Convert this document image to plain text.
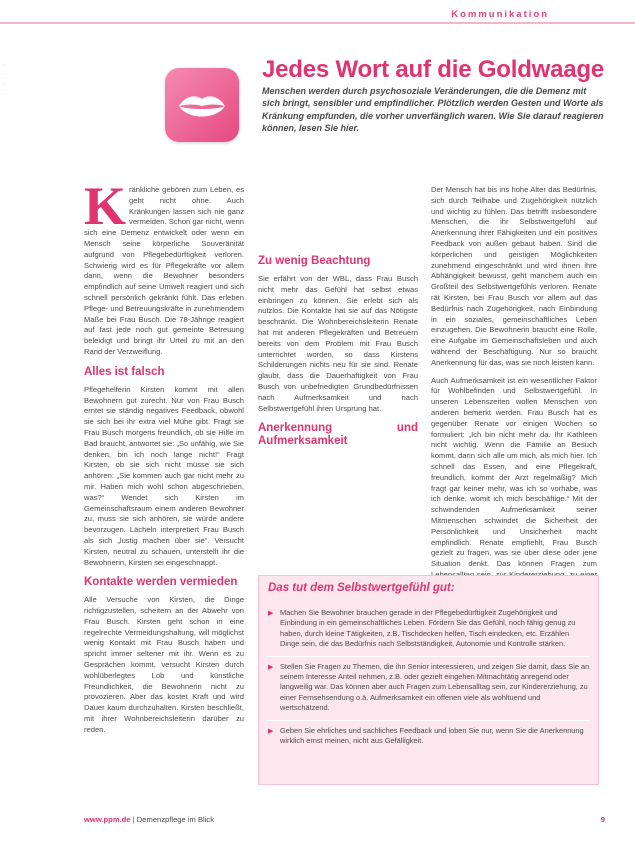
Kommunikation
·
·
·
·
Jedes Wort auf die Goldwaage
Menschen werden durch psychosoziale Veränderungen, die die Demenz mit sich bringt, sensibler und empfindlicher. Plötzlich werden Gesten und Worte als Kränkung empfunden, die vorher unverfänglich waren. Wie Sie darauf reagieren können, lesen Sie hier.

Kränkliche gebören zum Leben, es geht nicht ohne. Auch Kränkungen lassen sich nie ganz vermeiden. Schon gar nicht, wenn sich eine Demenz entwickelt oder wenn ein Mensch seine körperliche Souveränität aufgrund von Pflegebedürftigkeit verloren. Schwierig wird es für Pflegekräfte vor allem dann, wenn die Bewohner besonders empfindlich auf seine Umwelt reagiert und sich schnell persönlich gekränkt fühlt. Das erleben Pflege- und Betreuungskräfte in zunehmendem Maße bei Frau Busch. Die 78-Jährige reagiert auf fast jede noch gut gemeinte Betreuung beleidigt und bringt ihr Urteil zu mit an den Rand der Verzweiflung.

Alles ist falsch

Pflegehelferin Kirsten kommt mit allen Bewohnern gut zurecht. Nur von Frau Busch erntet sie ständig negatives Feedback, obwohl sie sich bei ihr extra viel Mühe gibt. Fragt sie Frau Busch morgens freundlich, ob sie Hilfe im Bad braucht, antwortet sie: „So unfähig, wie Sie denken, bin ich noch lange nicht!“ Fragt Kirsten, ob sie sich nicht müsse sie sich anhören: „Sie kommen auch gar nicht mehr zu mir. Haben mich wohl schon abgeschrieben, was?“ Wendet sich Kirsten im Gemeinschaftsraum einem anderen Bewohner zu, muss sie sich anhören, sie würde andere bevorzugen. Lächeln interpretiert Frau Busch als sich „lustig machen über sie“. Versucht Kirsten, neutral zu schauen, unterstellt ihr die Bewohnerin, Kirsten sei eingeschnappt.

Kontakte werden vermieden

Alle Versuche von Kirsten, die Dinge richtigzustellen, scheitern an der Abwehr von Frau Busch. Kirsten geht schon in eine regelrechte Vermeidungshaltung, will möglichst wenig Kontakt mit Frau Busch haben und spricht immer seltener mit ihr. Wenn es zu Gesprächen kommt, versucht Kirsten durch wohlüberlegtes Lob und künstliche Freundlichkeit, die Bewohnerin nicht zu provozieren. Aber das kostet Kraft und wird Dauer kaum durchzuhalten. Kirsten beschließt, mit ihrer Wohnbereichsleiterin darüber zu reden.

Zu wenig Beachtung

Sie erfährt von der WBL, dass Frau Busch nicht mehr das Gefühl hat selbst etwas einbringen zu können. Sie erlebt sich als nutzlos. Die Kontakte hat sie auf das Nötigste beschränkt. Die Wohnbereichsleiterin Renate hat mit anderen Pflegekräften und Betreuern bereits von dem Problem mit Frau Busch unterrichtet worden, so dass Kirstens Schilderungen nichts neu für sie sind. Renate glaubt, dass die Dauerhaftigkeit von Frau Busch von unbefriedigten Grundbedürfnissen nach Aufmerksamkeit und nach Selbstwertgefühl ihren Ursprung hat.

Anerkennung und Aufmerksamkeit

Der Mensch hat bis ins hohe Alter das Bedürfnis, sich durch Teilhabe und Zugehörigkeit nützlich und wichtig zu fühlen. Das betrifft insbesondere Menschen, die ihr Selbstwertgefühl auf Anerkennung ihrer Fähigkeiten und ein positives Feedback von außen gebaut haben. Sind die körperlichen und geistigen Möglichkeiten zunehmend eingeschränkt und wird ihnen ihre Abhängigkeit bewusst, geht manchem auch ein Großteil des Selbstwertgefühls verloren. Renate rät Kirsten, bei Frau Busch vor allem auf das Bedürfnis nach Zugehörigkeit, nach Einbindung in ein soziales, gemeinschaftliches Leben einzugehen. Die Bewohnerin braucht eine Rolle, eine Aufgabe im Gemeinschaftsleben und auch während der Beschäftigung. Nur so braucht Anerkennung für das, was sie noch leisten kann.

Auch Aufmerksamkeit ist ein wesentlicher Faktor für Wohlbefinden und Selbstwertgefühl. In unseren Lebenszeiten wollen Menschen von anderen bemerkt werden. Frau Busch hat es gegenüber Renate vor einigen Wochen so formuliert: „Ich bin nicht mehr da. Ihr Kathleen nicht wichtig. Wenn die Familie an Besuch kommt, dann sich alle um mich, als mich hier. Ich schnell das Essen, and eine Pflegekraft, freundlich, kommt der Arzt regelmäßig? Mich fragt gar keiner mehr, was ich so vorhabe, was ich denke, womit ich mich beschäftige.“ Mit der schwindenden Aufmerksamkeit seiner Mitmenschen schwindet die Sicherheit der Persönlichkeit und Unsicherheit macht empfindlich. Renate empfiehlt, Frau Busch gezielt zu fragen, was sie über diese oder jene Situation denkt. Das können Fragen zum

Das tut dem Selbstwertgefühl gut:
▶ Machen Sie Bewohner brauchen gerade in der Pflegebedürftigkeit Zugehörigkeit und Einbindung in ein gemeinschaftliches Leben. Fördern Sie das Gefühl, noch fähig genug zu haben, durch kleine Tätigkeiten, z.B. Tischdecken helfen, Tisch eindecken, etc. Erzählen Dinge sein, die das Bedürfnis nach Selbstständigkeit, Autonomie und Kontrolle stärken.
▶ Stellen Sie Fragen zu Themen, die ihn Senior interessieren, und zeigen Sie damit, dass Sie an seinem Interesse Anteil nehmen, z.B. oder gezielt eingehen Mitmachtätig anregend oder langweilig war. Das können aber auch Fragen zum Lebensalltag sein, zur Kindererziehung, zu einer Fernsehsendung o.ä. Aufmerksamkeit ein offenen viele als wohltuend und wertschätzend.
▶ Geben Sie ehrliches und sachliches Feedback und loben Sie nur, wenn Sie die Anerkennung wirklich ernst meinen, nicht aus Gefälligkeit.
www.ppm.de | Demenzpflege im Blick	9
